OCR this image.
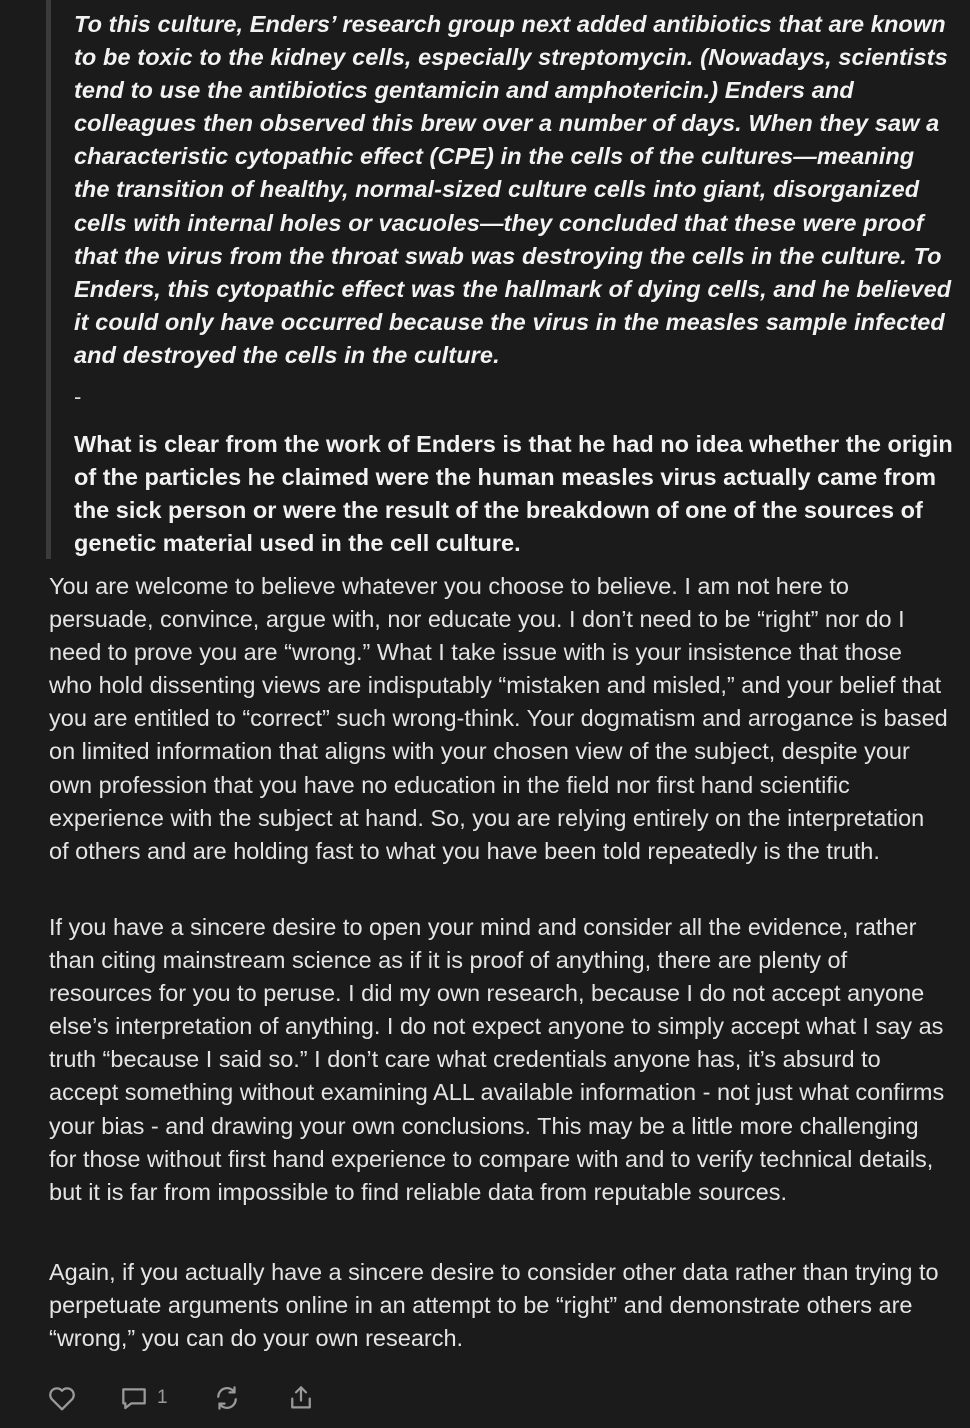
To this culture, Enders’ research group next added antibiotics that are known to be toxic to the kidney cells, especially streptomycin. (Nowadays, scientists tend to use the antibiotics gentamicin and amphotericin.) Enders and colleagues then observed this brew over a number of days. When they saw a characteristic cytopathic effect (CPE) in the cells of the cultures—meaning the transition of healthy, normal-sized culture cells into giant, disorganized cells with internal holes or vacuoles—they concluded that these were proof that the virus from the throat swab was destroying the cells in the culture. To Enders, this cytopathic effect was the hallmark of dying cells, and he believed it could only have occurred because the virus in the measles sample infected and destroyed the cells in the culture.

-

What is clear from the work of Enders is that he had no idea whether the origin of the particles he claimed were the human measles virus actually came from the sick person or were the result of the breakdown of one of the sources of genetic material used in the cell culture.

You are welcome to believe whatever you choose to believe. I am not here to persuade, convince, argue with, nor educate you. I don’t need to be “right” nor do I need to prove you are “wrong.” What I take issue with is your insistence that those who hold dissenting views are indisputably “mistaken and misled,” and your belief that you are entitled to “correct” such wrong-think. Your dogmatism and arrogance is based on limited information that aligns with your chosen view of the subject, despite your own profession that you have no education in the field nor first hand scientific experience with the subject at hand. So, you are relying entirely on the interpretation of others and are holding fast to what you have been told repeatedly is the truth.

If you have a sincere desire to open your mind and consider all the evidence, rather than citing mainstream science as if it is proof of anything, there are plenty of resources for you to peruse. I did my own research, because I do not accept anyone else’s interpretation of anything. I do not expect anyone to simply accept what I say as truth “because I said so.” I don’t care what credentials anyone has, it’s absurd to accept something without examining ALL available information - not just what confirms your bias - and drawing your own conclusions. This may be a little more challenging for those without first hand experience to compare with and to verify technical details, but it is far from impossible to find reliable data from reputable sources.

Again, if you actually have a sincere desire to consider other data rather than trying to perpetuate arguments online in an attempt to be “right” and demonstrate others are “wrong,” you can do your own research.

1
